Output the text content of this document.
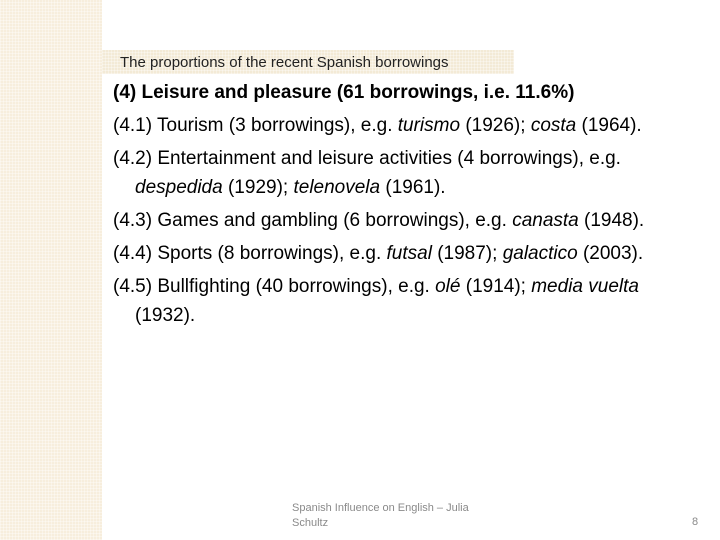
The proportions of the recent Spanish borrowings

(4) Leisure and pleasure (61 borrowings, i.e. 11.6%)

(4.1) Tourism (3 borrowings), e.g. turismo (1926); costa (1964).

(4.2) Entertainment and leisure activities (4 borrowings), e.g. despedida (1929); telenovela (1961).

(4.3) Games and gambling (6 borrowings), e.g. canasta (1948).

(4.4) Sports (8 borrowings), e.g. futsal (1987); galactico (2003).

(4.5) Bullfighting (40 borrowings), e.g. olé (1914); media vuelta (1932).

Spanish Influence on English – Julia Schultz	8
